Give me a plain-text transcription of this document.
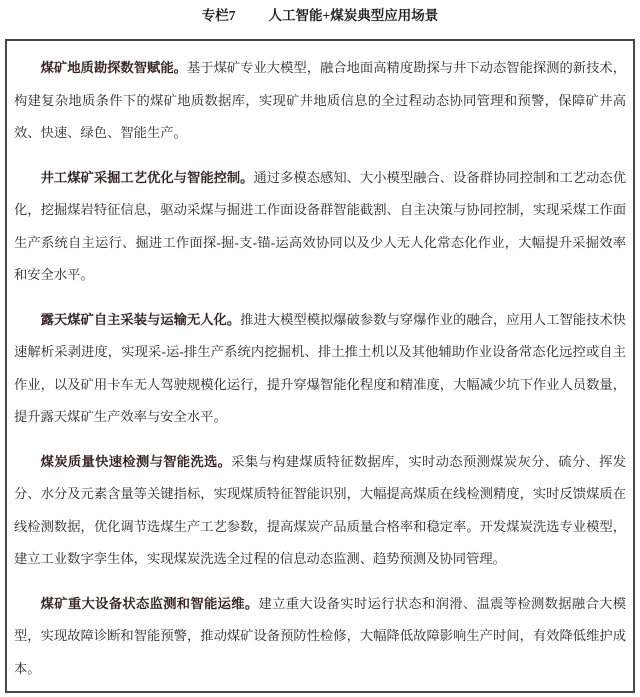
专栏7 人工智能+煤炭典型应用场景

煤矿地质勘探数智赋能。基于煤矿专业大模型，融合地面高精度勘探与井下动态智能探测的新技术，构建复杂地质条件下的煤矿地质数据库，实现矿井地质信息的全过程动态协同管理和预警，保障矿井高效、快速、绿色、智能生产。

井工煤矿采掘工艺优化与智能控制。通过多模态感知、大小模型融合、设备群协同控制和工艺动态优化，挖掘煤岩特征信息，驱动采煤与掘进工作面设备群智能截割、自主决策与协同控制，实现采煤工作面生产系统自主运行、掘进工作面探-掘-支-锚-运高效协同以及少人无人化常态化作业，大幅提升采掘效率和安全水平。

露天煤矿自主采装与运输无人化。推进大模型模拟爆破参数与穿爆作业的融合，应用人工智能技术快速解析采剥进度，实现采-运-排生产系统内挖掘机、排土推土机以及其他辅助作业设备常态化远控或自主作业，以及矿用卡车无人驾驶规模化运行，提升穿爆智能化程度和精准度，大幅减少坑下作业人员数量，提升露天煤矿生产效率与安全水平。

煤炭质量快速检测与智能洗选。采集与构建煤质特征数据库，实时动态预测煤炭灰分、硫分、挥发分、水分及元素含量等关键指标，实现煤质特征智能识别，大幅提高煤质在线检测精度，实时反馈煤质在线检测数据，优化调节选煤生产工艺参数，提高煤炭产品质量合格率和稳定率。开发煤炭洗选专业模型，建立工业数字孪生体，实现煤炭洗选全过程的信息动态监测、趋势预测及协同管理。

煤矿重大设备状态监测和智能运维。建立重大设备实时运行状态和润滑、温震等检测数据融合大模型，实现故障诊断和智能预警，推动煤矿设备预防性检修，大幅降低故障影响生产时间，有效降低维护成本。
